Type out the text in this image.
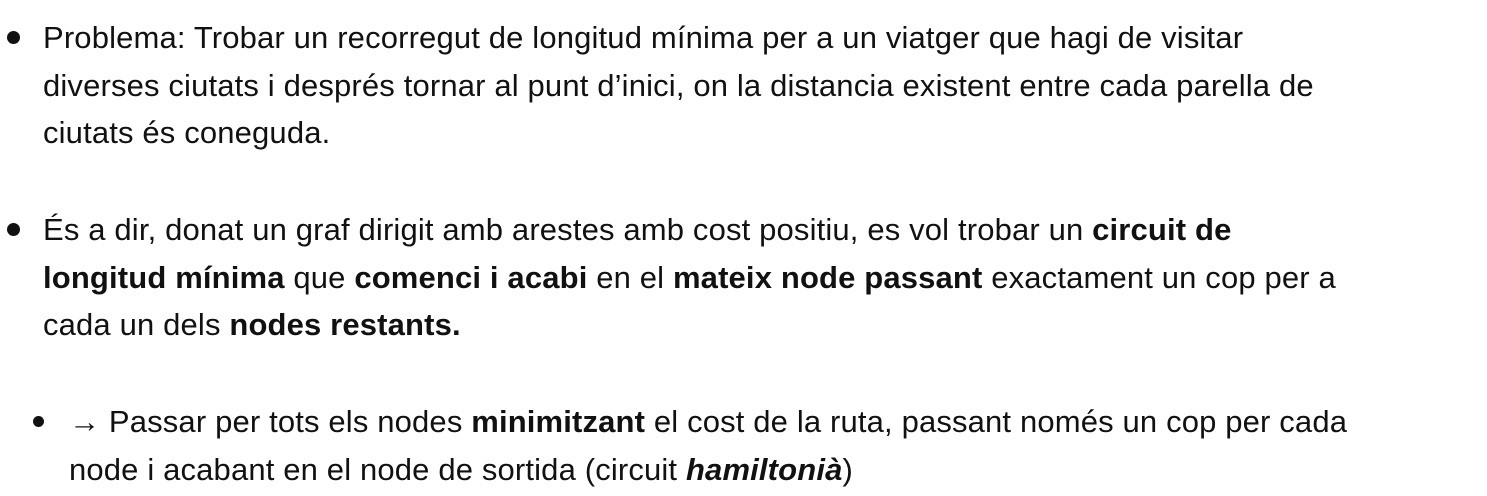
Problema: Trobar un recorregut de longitud mínima per a un viatger que hagi de visitar
diverses ciutats i després tornar al punt d’inici, on la distancia existent entre cada parella de
ciutats és coneguda.
És a dir, donat un graf dirigit amb arestes amb cost positiu, es vol trobar un circuit de
longitud mínima que comenci i acabi en el mateix node passant exactament un cop per a
cada un dels nodes restants.
→ Passar per tots els nodes minimitzant el cost de la ruta, passant només un cop per cada
node i acabant en el node de sortida (circuit hamiltonià)
